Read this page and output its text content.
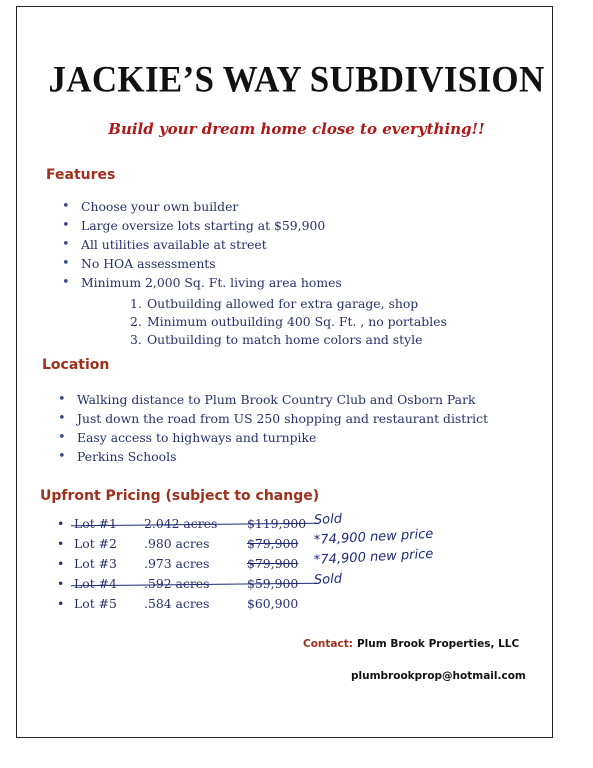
JACKIE’S WAY SUBDIVISION
Build your dream home close to everything!!
Features
• Choose your own builder
• Large oversize lots starting at $59,900
• All utilities available at street
• No HOA assessments
• Minimum 2,000 Sq. Ft. living area homes
1. Outbuilding allowed for extra garage, shop
2. Minimum outbuilding 400 Sq. Ft. , no portables
3. Outbuilding to match home colors and style
Location
• Walking distance to Plum Brook Country Club and Osborn Park
• Just down the road from US 250 shopping and restaurant district
• Easy access to highways and turnpike
• Perkins Schools
Upfront Pricing (subject to change)
• Lot #1 2.042 acres $119,900 Sold
• Lot #2 .980 acres	$79,900 *74,900 new price
• Lot #3 .973 acres	$79,900 *74,900 new price
• Lot #4 .592 acres	$59,900 Sold
• Lot #5 .584 acres	$60,900
Contact: Plum Brook Properties, LLC
plumbrookprop@hotmail.com
